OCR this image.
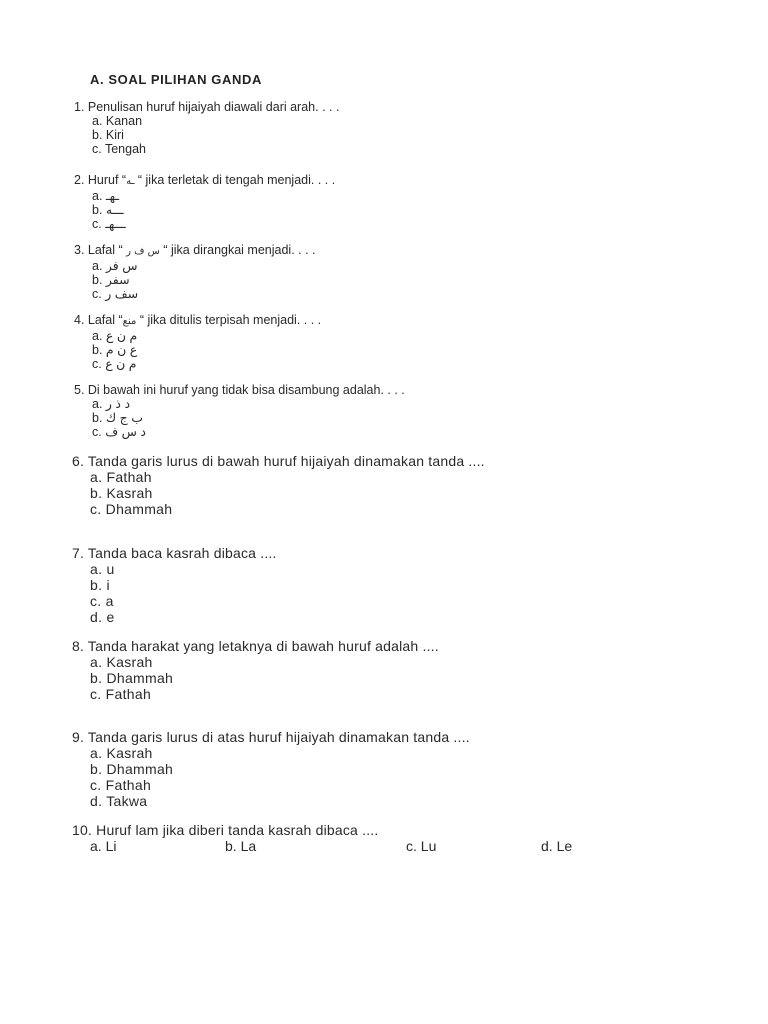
A. SOAL PILIHAN GANDA
1. Penulisan huruf hijaiyah diawali dari arah. . . .
a. Kanan
b. Kiri
c. Tengah
2. Huruf “ـه “ jika terletak di tengah menjadi. . . .
a. ـهـ
b. ـــه
c. ـــهـ
3. Lafal “ س ف ر “ jika dirangkai menjadi. . . .
a. س فر
b. سفر
c. سف ر
4. Lafal “منع “ jika ditulis terpisah menjadi. . . .
a. م ن ع
b. ع ن م
c. م ن ع
5. Di bawah ini huruf yang tidak bisa disambung adalah. . . .
a. د ذ ر
b. ب ج ك
c. د س ف
6. Tanda garis lurus di bawah huruf hijaiyah dinamakan tanda ....
a. Fathah
b. Kasrah
c. Dhammah
7. Tanda baca kasrah dibaca ....
a. u
b. i
c. a
d. e
8. Tanda harakat yang letaknya di bawah huruf adalah ....
a. Kasrah
b. Dhammah
c. Fathah
9. Tanda garis lurus di atas huruf hijaiyah dinamakan tanda ....
a. Kasrah
b. Dhammah
c. Fathah
d. Takwa
10. Huruf lam jika diberi tanda kasrah dibaca ....
a. Li	b. La	c. Lu	d. Le
